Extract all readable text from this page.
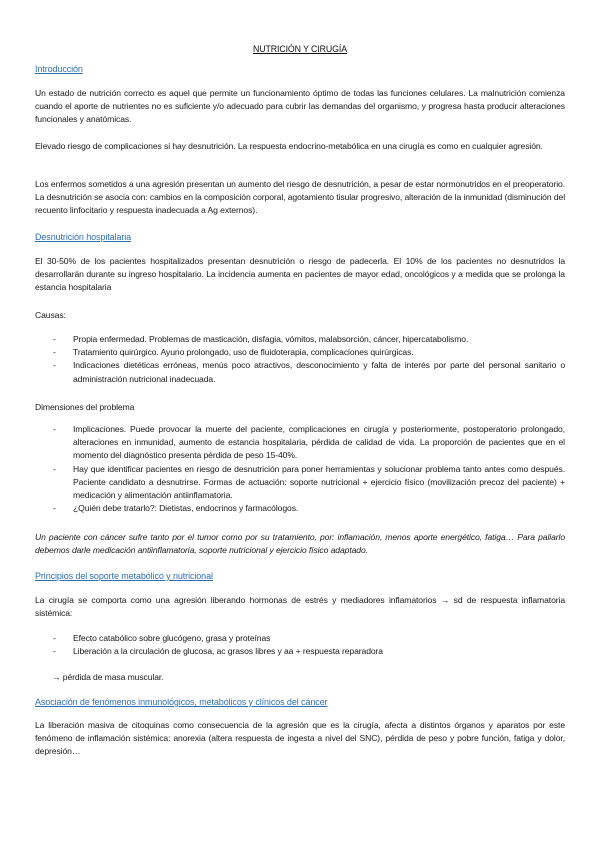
NUTRICIÓN Y CIRUGÍA

Introducción

Un estado de nutrición correcto es aquel que permite un funcionamiento óptimo de todas las funciones celulares. La malnutrición comienza cuando el aporte de nutrientes no es suficiente y/o adecuado para cubrir las demandas del organismo, y progresa hasta producir alteraciones funcionales y anatómicas.

Elevado riesgo de complicaciones si hay desnutrición. La respuesta endocrino-metabólica en una cirugía es como en cualquier agresión.

Los enfermos sometidos a una agresión presentan un aumento del riesgo de desnutrición, a pesar de estar normonutridos en el preoperatorio. La desnutrición se asocia con: cambios en la composición corporal, agotamiento tisular progresivo, alteración de la inmunidad (disminución del recuento linfocitario y respuesta inadecuada a Ag externos).

Desnutrición hospitalaria

El 30-50% de los pacientes hospitalizados presentan desnutrición o riesgo de padecerla. El 10% de los pacientes no desnutridos la desarrollarán durante su ingreso hospitalario. La incidencia aumenta en pacientes de mayor edad, oncológicos y a medida que se prolonga la estancia hospitalaria

Causas:

- Propia enfermedad. Problemas de masticación, disfagia, vómitos, malabsorción, cáncer, hipercatabolismo.
- Tratamiento quirúrgico. Ayuno prolongado, uso de fluidoterapia, complicaciones quirúrgicas.
- Indicaciones dietéticas erróneas, menús poco atractivos, desconocimiento y falta de interés por parte del personal sanitario o administración nutricional inadecuada.

Dimensiones del problema

- Implicaciones. Puede provocar la muerte del paciente, complicaciones en cirugía y posteriormente, postoperatorio prolongado, alteraciones en inmunidad, aumento de estancia hospitalaria, pérdida de calidad de vida. La proporción de pacientes que en el momento del diagnóstico presenta pérdida de peso 15-40%.
- Hay que identificar pacientes en riesgo de desnutrición para poner herramientas y solucionar problema tanto antes como después. Paciente candidato a desnutrirse. Formas de actuación: soporte nutricional + ejercicio físico (movilización precoz del paciente) + medicación y alimentación antiinflamatoria.
- ¿Quién debe tratarlo?: Dietistas, endocrinos y farmacólogos.

Un paciente con cáncer sufre tanto por el tumor como por su tratamiento, por: inflamación, menos aporte energético, fatiga… Para paliarlo debemos darle medicación antiinflamatoria, soporte nutricional y ejercicio físico adaptado.

Principios del soporte metabólico y nutricional

La cirugía se comporta como una agresión liberando hormonas de estrés y mediadores inflamatorios → sd de respuesta inflamatoria sistémica:

- Efecto catabólico sobre glucógeno, grasa y proteínas
- Liberación a la circulación de glucosa, ac grasos libres y aa + respuesta reparadora

→ pérdida de masa muscular.

Asociación de fenómenos inmunológicos, metabólicos y clínicos del cáncer

La liberación masiva de citoquinas como consecuencia de la agresión que es la cirugía, afecta a distintos órganos y aparatos por este fenómeno de inflamación sistémica: anorexia (altera respuesta de ingesta a nivel del SNC), pérdida de peso y pobre función, fatiga y dolor, depresión…
